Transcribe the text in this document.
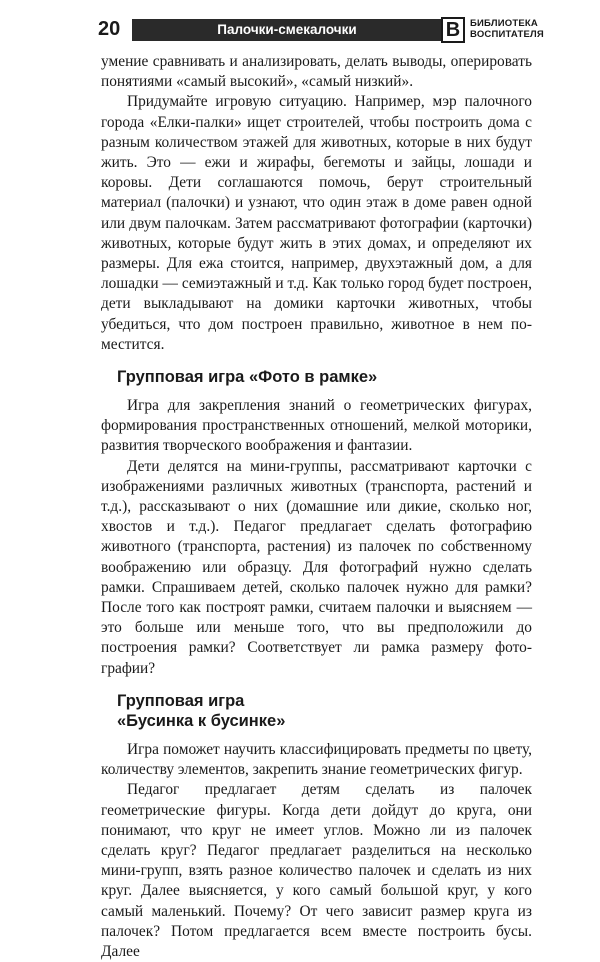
20	Палочки-смекалочки	В	БИБЛИОТЕКА
ВОСПИТАТЕЛЯ

умение сравнивать и анализировать, делать выводы, оперировать понятиями «самый высокий», «самый низкий».

Придумайте игровую ситуацию. Например, мэр палочного города «Елки-палки» ищет строителей, чтобы построить дома с разным количеством этажей для животных, которые в них будут жить. Это — ежи и жирафы, бегемоты и зайцы, лошади и коровы. Дети соглашаются помочь, берут строительный материал (палочки) и узнают, что один этаж в доме равен одной или двум палочкам. Затем рассматривают фотографии (карточки) животных, которые будут жить в этих домах, и определяют их размеры. Для ежа стоится, например, двухэтажный дом, а для лошадки — семиэтажный и т.д. Как только город будет построен, дети выкладывают на домики карточки животных, чтобы убедиться, что дом построен правильно, животное в нем поместится.

Групповая игра «Фото в рамке»

Игра для закрепления знаний о геометрических фигурах, формирования пространственных отношений, мелкой моторики, развития творческого воображения и фантазии.

Дети делятся на мини-группы, рассматривают карточки с изображениями различных животных (транспорта, растений и т.д.), рассказывают о них (домашние или дикие, сколько ног, хвостов и т.д.). Педагог предлагает сделать фотографию животного (транспорта, растения) из палочек по собственному воображению или образцу. Для фотографий нужно сделать рамки. Спрашиваем детей, сколько палочек нужно для рамки? После того как построят рамки, считаем палочки и выясняем — это больше или меньше того, что вы предположили до построения рамки? Соответствует ли рамка размеру фотографии?

Групповая игра
«Бусинка к бусинке»

Игра поможет научить классифицировать предметы по цвету, количеству элементов, закрепить знание геометрических фигур.

Педагог предлагает детям сделать из палочек геометрические фигуры. Когда дети дойдут до круга, они понимают, что круг не имеет углов. Можно ли из палочек сделать круг? Педагог предлагает разделиться на несколько мини-групп, взять разное количество палочек и сделать из них круг. Далее выясняется, у кого самый большой круг, у кого самый маленький. Почему? От чего зависит размер круга из палочек? Потом предлагается всем вместе построить бусы. Далее
